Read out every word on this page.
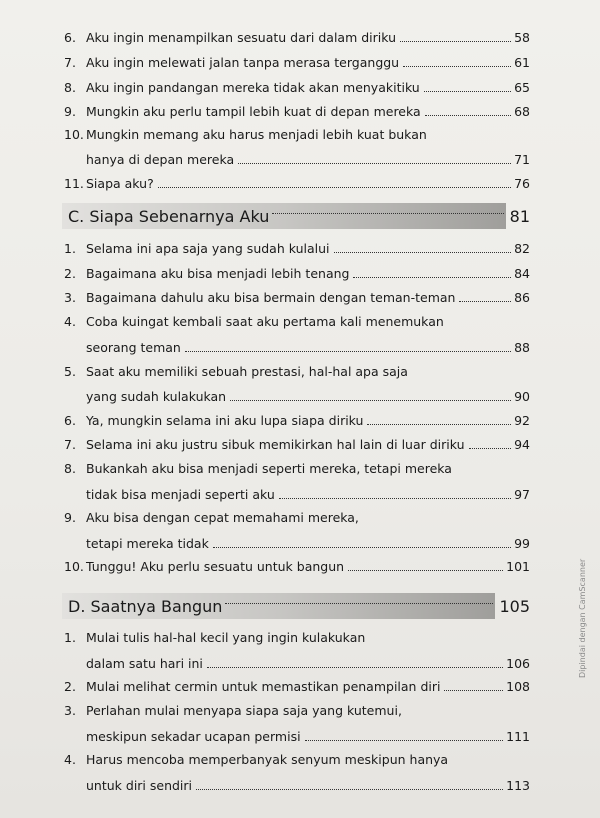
6. Aku ingin menampilkan sesuatu dari dalam diriku	58
7. Aku ingin melewati jalan tanpa merasa terganggu	61
8. Aku ingin pandangan mereka tidak akan menyakitiku	65
9. Mungkin aku perlu tampil lebih kuat di depan mereka	68
10. Mungkin memang aku harus menjadi lebih kuat bukan
hanya di depan mereka	71
11. Siapa aku?	76
C. Siapa Sebenarnya Aku	81
1. Selama ini apa saja yang sudah kulalui	82
2. Bagaimana aku bisa menjadi lebih tenang	84
3. Bagaimana dahulu aku bisa bermain dengan teman-teman	86
4. Coba kuingat kembali saat aku pertama kali menemukan
seorang teman	88
5. Saat aku memiliki sebuah prestasi, hal-hal apa saja
yang sudah kulakukan	90
6. Ya, mungkin selama ini aku lupa siapa diriku	92
7. Selama ini aku justru sibuk memikirkan hal lain di luar diriku	94
8. Bukankah aku bisa menjadi seperti mereka, tetapi mereka
tidak bisa menjadi seperti aku	97
9. Aku bisa dengan cepat memahami mereka,
tetapi mereka tidak	99
10. Tunggu! Aku perlu sesuatu untuk bangun	101
D. Saatnya Bangun	105
1. Mulai tulis hal-hal kecil yang ingin kulakukan
dalam satu hari ini	106
2. Mulai melihat cermin untuk memastikan penampilan diri	108
3. Perlahan mulai menyapa siapa saja yang kutemui,
meskipun sekadar ucapan permisi	111
4. Harus mencoba memperbanyak senyum meskipun hanya
untuk diri sendiri	113
Dipindai dengan CamScanner
